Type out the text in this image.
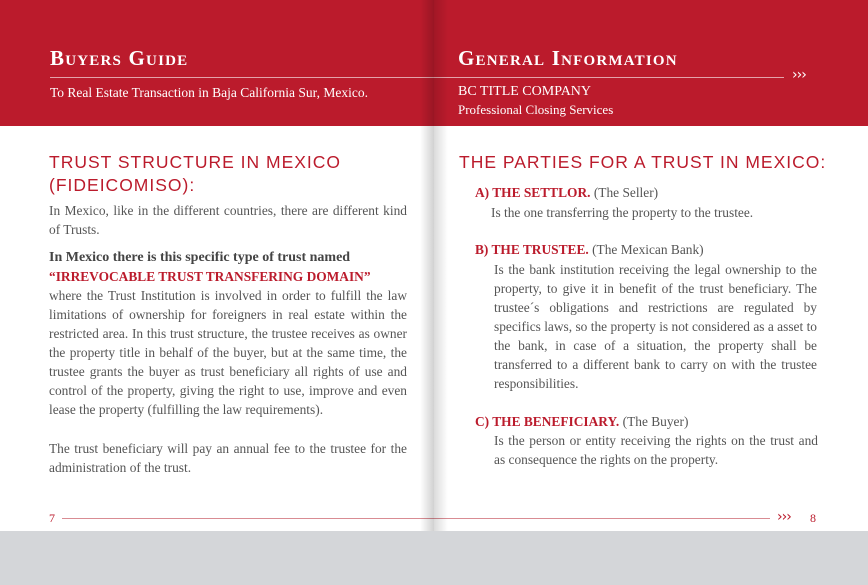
Buyers Guide
To Real Estate Transaction in Baja California Sur, Mexico.
TRUST STRUCTURE IN MEXICO
(FIDEICOMISO):

In Mexico, like in the different countries, there are different kind of Trusts.

In Mexico there is this specific type of trust named
“IRREVOCABLE TRUST TRANSFERING DOMAIN”
where the Trust Institution is involved in order to fulfill the law limitations of ownership for foreigners in real estate within the restricted area. In this trust structure, the trustee receives as owner the property title in behalf of the buyer, but at the same time, the trustee grants the buyer as trust beneficiary all rights of use and control of the property, giving the right to use, improve and even lease the property (fulfilling the law requirements).

The trust beneficiary will pay an annual fee to the trustee for the administration of the trust.

7
General Information
›››
BC TITLE COMPANY
Professional Closing Services
THE PARTIES FOR A TRUST IN MEXICO:
A) THE SETTLOR. (The Seller)
Is the one transferring the property to the trustee.
B) THE TRUSTEE. (The Mexican Bank)
Is the bank institution receiving the legal ownership to the property, to give it in benefit of the trust beneficiary. The trustee´s obligations and restrictions are regulated by specifics laws, so the property is not considered as a asset to the bank, in case of a situation, the property shall be transferred to a different bank to carry on with the trustee responsibilities.
C) THE BENEFICIARY. (The Buyer)
Is the person or entity receiving the rights on the trust and as consequence the rights on the property.
››› 8
